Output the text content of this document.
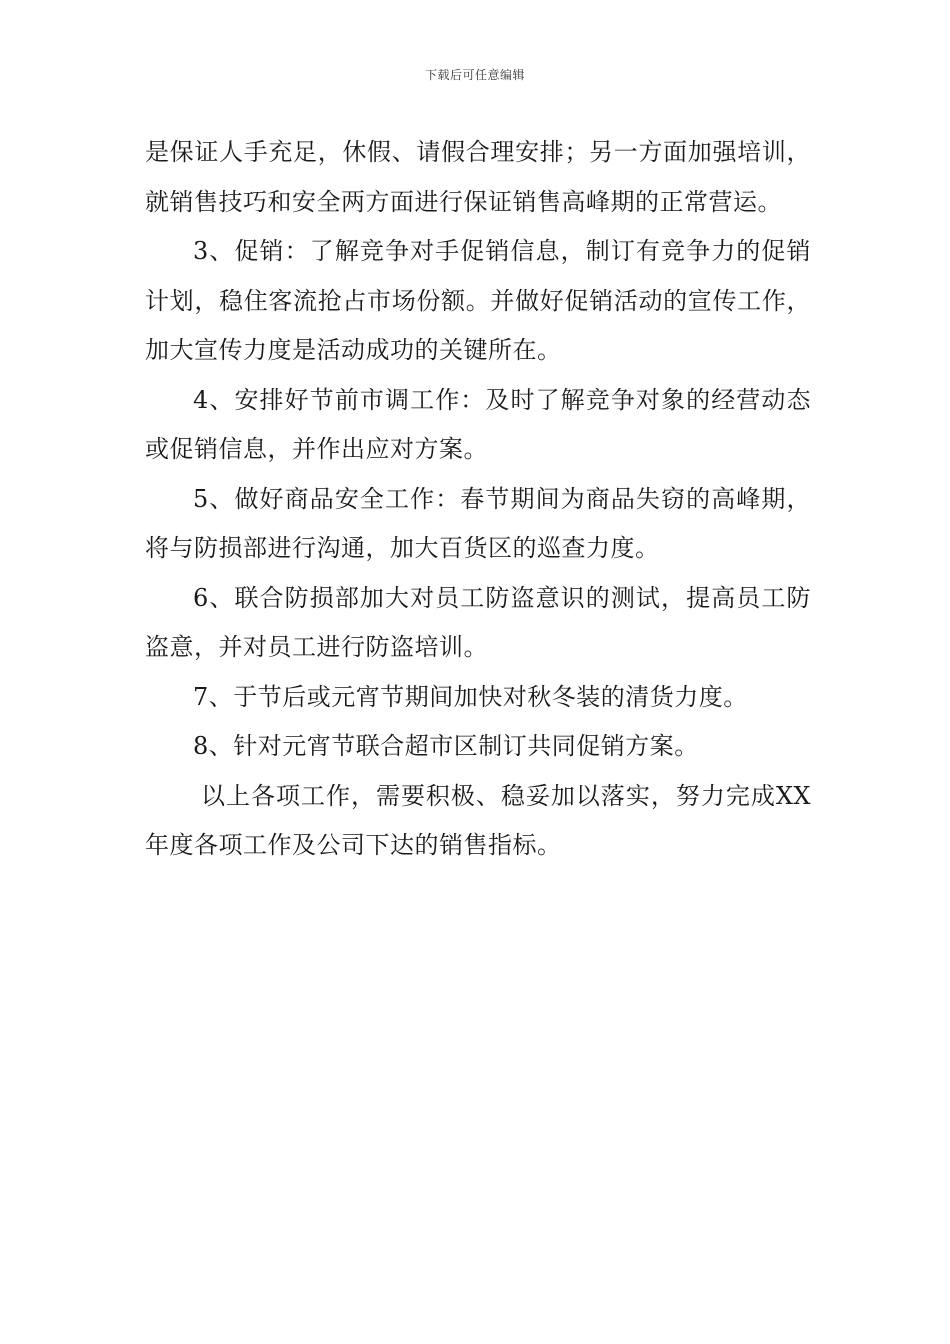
下载后可任意编辑

是保证人手充足，休假、请假合理安排；另一方面加强培训，就销售技巧和安全两方面进行保证销售高峰期的正常营运。

3、促销：了解竞争对手促销信息，制订有竞争力的促销计划，稳住客流抢占市场份额。并做好促销活动的宣传工作，加大宣传力度是活动成功的关键所在。

4、安排好节前市调工作：及时了解竞争对象的经营动态或促销信息，并作出应对方案。

5、做好商品安全工作：春节期间为商品失窃的高峰期，将与防损部进行沟通，加大百货区的巡查力度。

6、联合防损部加大对员工防盗意识的测试，提高员工防盗意，并对员工进行防盗培训。

7、于节后或元宵节期间加快对秋冬装的清货力度。

8、针对元宵节联合超市区制订共同促销方案。

以上各项工作，需要积极、稳妥加以落实，努力完成XX年度各项工作及公司下达的销售指标。
